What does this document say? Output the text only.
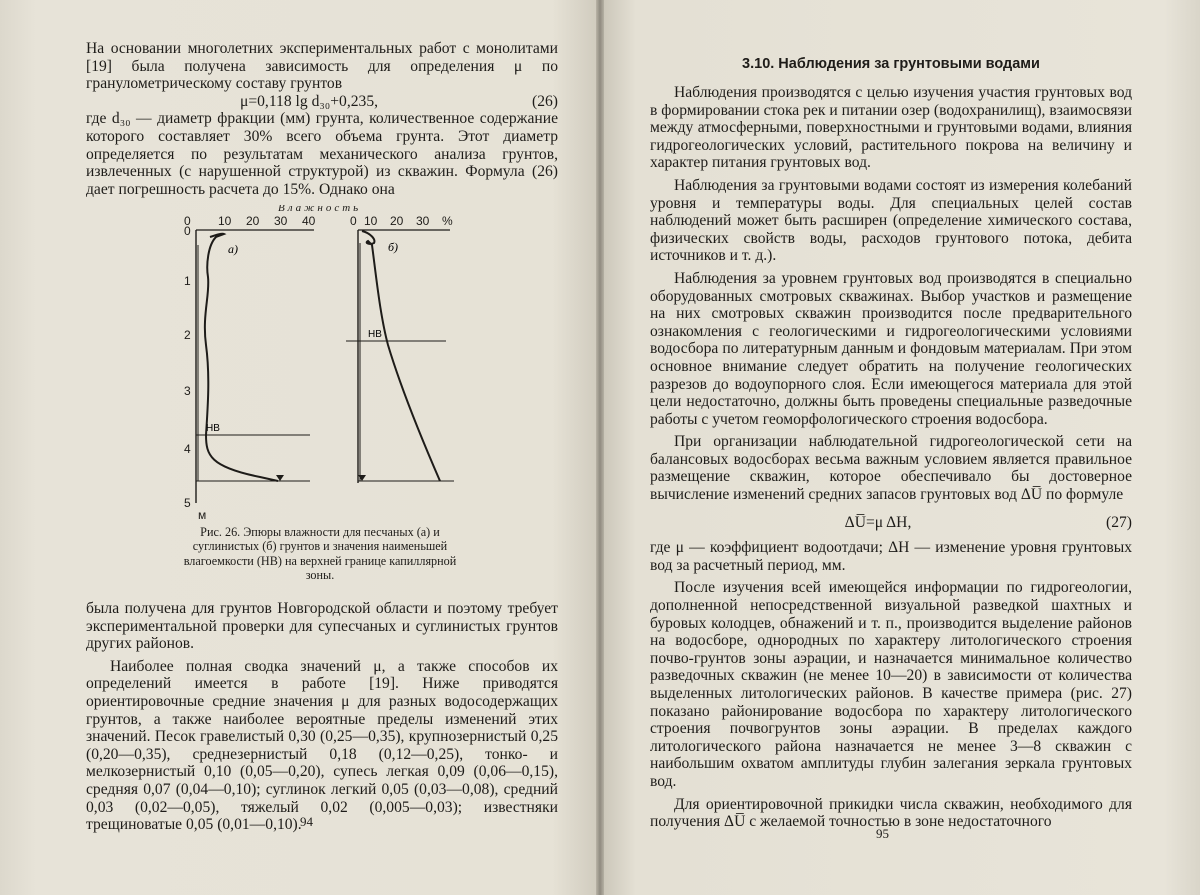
На основании многолетних экспериментальных работ с монолитами [19] была получена зависимость для определения μ по гранулометрическому составу грунтов

μ=0,118 lg d₃₀+0,235,	(26)

где d₃₀ — диаметр фракции (мм) грунта, количественное содержание которого составляет 30% всего объема грунта. Этот диаметр определяется по результатам механического анализа грунтов, извлеченных (с нарушенной структурой) из скважин. Формула (26) дает погрешность расчета до 15%. Однако она

Влажность
0 10 20 30 40	0 10 20 30 %
0
1
2
3
4
5
м
а)	б)
НВ
НВ
Рис. 26. Эпюры влажности для песчаных (а) и суглинистых (б) грунтов и значения наименьшей влагоемкости (НВ) на верхней границе капиллярной зоны.

была получена для грунтов Новгородской области и поэтому требует экспериментальной проверки для супесчаных и суглинистых грунтов других районов.

Наиболее полная сводка значений μ, а также способов их определений имеется в работе [19]. Ниже приводятся ориентировочные средние значения μ для разных водосодержащих грунтов, а также наиболее вероятные пределы изменений этих значений. Песок гравелистый 0,30 (0,25—0,35), крупнозернистый 0,25 (0,20—0,35), среднезернистый 0,18 (0,12—0,25), тонко- и мелкозернистый 0,10 (0,05—0,20), супесь легкая 0,09 (0,06—0,15), средняя 0,07 (0,04—0,10); суглинок легкий 0,05 (0,03—0,08), средний 0,03 (0,02—0,05), тяжелый 0,02 (0,005—0,03); известняки трещиноватые 0,05 (0,01—0,10).

94
3.10. Наблюдения за грунтовыми водами

Наблюдения производятся с целью изучения участия грунтовых вод в формировании стока рек и питании озер (водохранилищ), взаимосвязи между атмосферными, поверхностными и грунтовыми водами, влияния гидрогеологических условий, растительного покрова на величину и характер питания грунтовых вод.

Наблюдения за грунтовыми водами состоят из измерения колебаний уровня и температуры воды. Для специальных целей состав наблюдений может быть расширен (определение химического состава, физических свойств воды, расходов грунтового потока, дебита источников и т. д.).

Наблюдения за уровнем грунтовых вод производятся в специально оборудованных смотровых скважинах. Выбор участков и размещение на них смотровых скважин производится после предварительного ознакомления с геологическими и гидрогеологическими условиями водосбора по литературным данным и фондовым материалам. При этом основное внимание следует обратить на получение геологических разрезов до водоупорного слоя. Если имеющегося материала для этой цели недостаточно, должны быть проведены специальные разведочные работы с учетом геоморфологического строения водосбора.

При организации наблюдательной гидрогеологической сети на балансовых водосборах весьма важным условием является правильное размещение скважин, которое обеспечивало бы достоверное вычисление изменений средних запасов грунтовых вод ΔU̅ по формуле

ΔU̅=μ ΔH,	(27)

где μ — коэффициент водоотдачи; ΔH — изменение уровня грунтовых вод за расчетный период, мм.

После изучения всей имеющейся информации по гидрогеологии, дополненной непосредственной визуальной разведкой шахтных и буровых колодцев, обнажений и т. п., производится выделение районов на водосборе, однородных по характеру литологического строения почво-грунтов зоны аэрации, и назначается минимальное количество разведочных скважин (не менее 10—20) в зависимости от количества выделенных литологических районов. В качестве примера (рис. 27) показано районирование водосбора по характеру литологического строения почвогрунтов зоны аэрации. В пределах каждого литологического района назначается не менее 3—8 скважин с наибольшим охватом амплитуды глубин залегания зеркала грунтовых вод.

Для ориентировочной прикидки числа скважин, необходимого для получения ΔU̅ с желаемой точностью в зоне недостаточного

95
